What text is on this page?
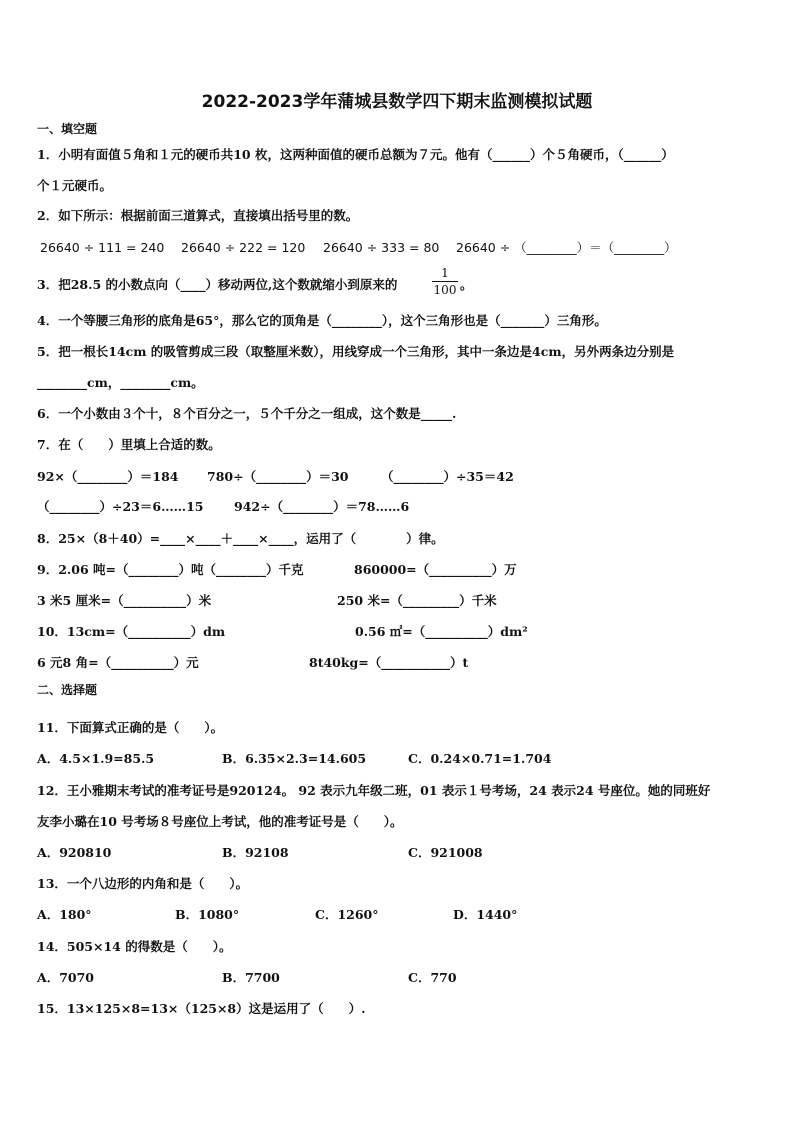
2022-2023学年蒲城县数学四下期末监测模拟试题
一、填空题
1．小明有面值５角和１元的硬币共10 枚，这两种面值的硬币总额为７元。他有（______）个５角硬币，（______）
个１元硬币。
2．如下所示：根据前面三道算式，直接填出括号里的数。
26640 ÷ 111 = 240 26640 ÷ 222 = 120 26640 ÷ 333 = 80 26640 ÷ （________）＝（________）
3．把28.5 的小数点向（____）移动两位,这个数就缩小到原来的
1
100 。
4．一个等腰三角形的底角是65°，那么它的顶角是（________），这个三角形也是（_______）三角形。
5．把一根长14cm 的吸管剪成三段（取整厘米数），用线穿成一个三角形，其中一条边是4cm，另外两条边分别是
________cm，________cm。
6．一个小数由３个十，８个百分之一，５个千分之一组成，这个数是_____.
7．在（　　）里填上合适的数。
92×（________）＝184 780÷（________）＝30	（________）÷35＝42
（________）÷23＝6……15 942÷（________）＝78……6
8．25×（8＋40）=____×____＋____×____，运用了（　　　　）律。
9．2.06 吨=（________）吨（________）千克	860000=（__________）万
3 米5 厘米=（__________）米	250 米=（_________）千米
10．13cm=（__________）dm	0.56 ㎡=（__________）dm²
6 元8 角=（__________）元	8t40kg=（___________）t
二、选择题
11．下面算式正确的是（　　）。
A．4.5×1.9=85.5	B．6.35×2.3=14.605	C．0.24×0.71=1.704
12．王小雅期末考试的准考证号是920124。 92 表示九年级二班，01 表示１号考场，24 表示24 号座位。她的同班好
友李小璐在10 号考场８号座位上考试，他的准考证号是（　　）。
A．920810	B．92108	C．921008
13．一个八边形的内角和是（　　）。
A．180°	B．1080°	C．1260°	D．1440°
14．505×14 的得数是（　　）。
A．7070	B．7700	C．770
15．13×125×8=13×（125×8）这是运用了（　　）.
